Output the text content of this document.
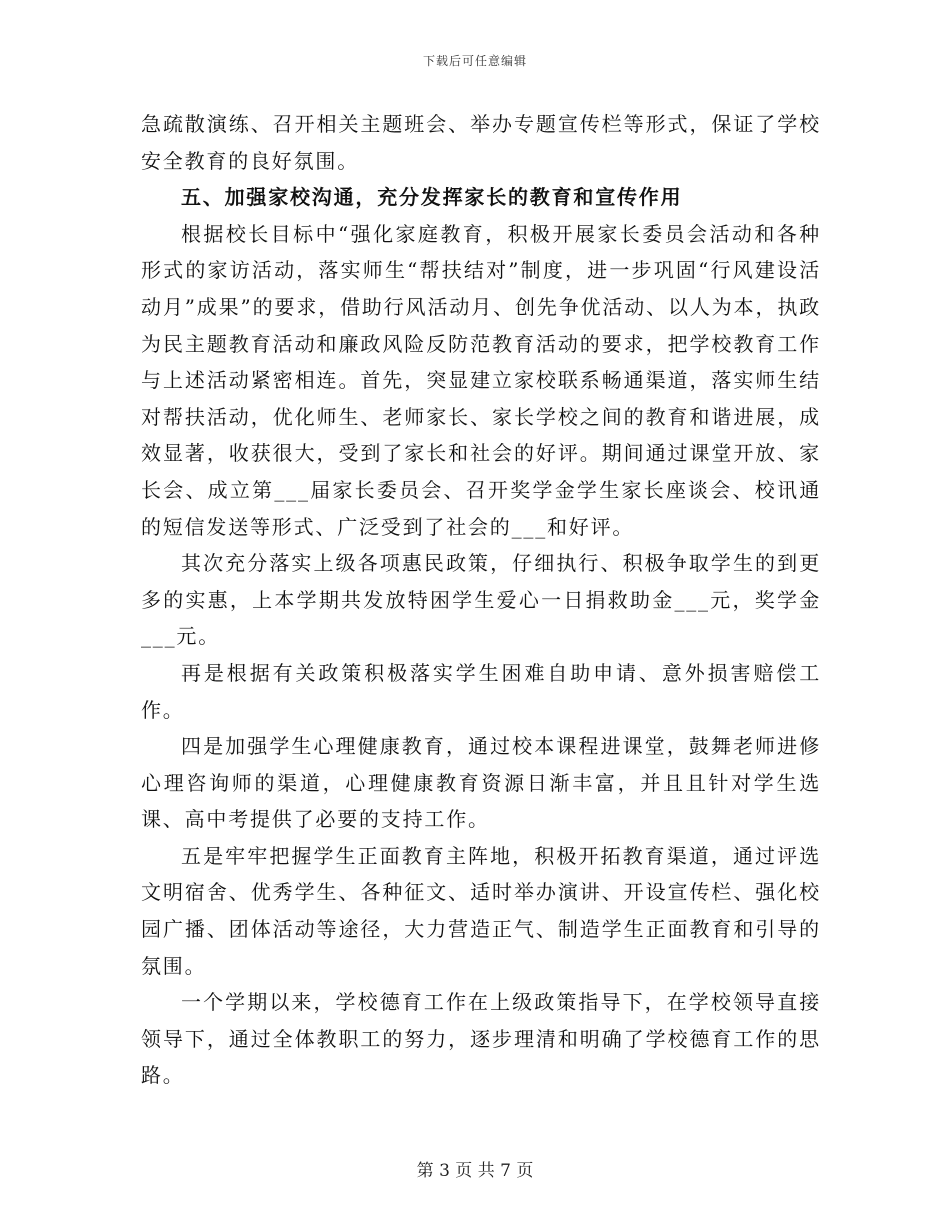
下载后可任意编辑

急疏散演练、召开相关主题班会、举办专题宣传栏等形式，保证了学校安全教育的良好氛围。

五、加强家校沟通，充分发挥家长的教育和宣传作用

根据校长目标中“强化家庭教育，积极开展家长委员会活动和各种形式的家访活动，落实师生“帮扶结对”制度，进一步巩固“行风建设活动月”成果”的要求，借助行风活动月、创先争优活动、以人为本，执政为民主题教育活动和廉政风险反防范教育活动的要求，把学校教育工作与上述活动紧密相连。首先，突显建立家校联系畅通渠道，落实师生结对帮扶活动，优化师生、老师家长、家长学校之间的教育和谐进展，成效显著，收获很大，受到了家长和社会的好评。期间通过课堂开放、家长会、成立第___届家长委员会、召开奖学金学生家长座谈会、校讯通的短信发送等形式、广泛受到了社会的___和好评。

其次充分落实上级各项惠民政策，仔细执行、积极争取学生的到更多的实惠，上本学期共发放特困学生爱心一日捐救助金___元，奖学金___元。

再是根据有关政策积极落实学生困难自助申请、意外损害赔偿工作。

四是加强学生心理健康教育，通过校本课程进课堂，鼓舞老师进修心理咨询师的渠道，心理健康教育资源日渐丰富，并且且针对学生选课、高中考提供了必要的支持工作。

五是牢牢把握学生正面教育主阵地，积极开拓教育渠道，通过评选文明宿舍、优秀学生、各种征文、适时举办演讲、开设宣传栏、强化校园广播、团体活动等途径，大力营造正气、制造学生正面教育和引导的氛围。

一个学期以来，学校德育工作在上级政策指导下，在学校领导直接领导下，通过全体教职工的努力，逐步理清和明确了学校德育工作的思路。

第 3 页 共 7 页
